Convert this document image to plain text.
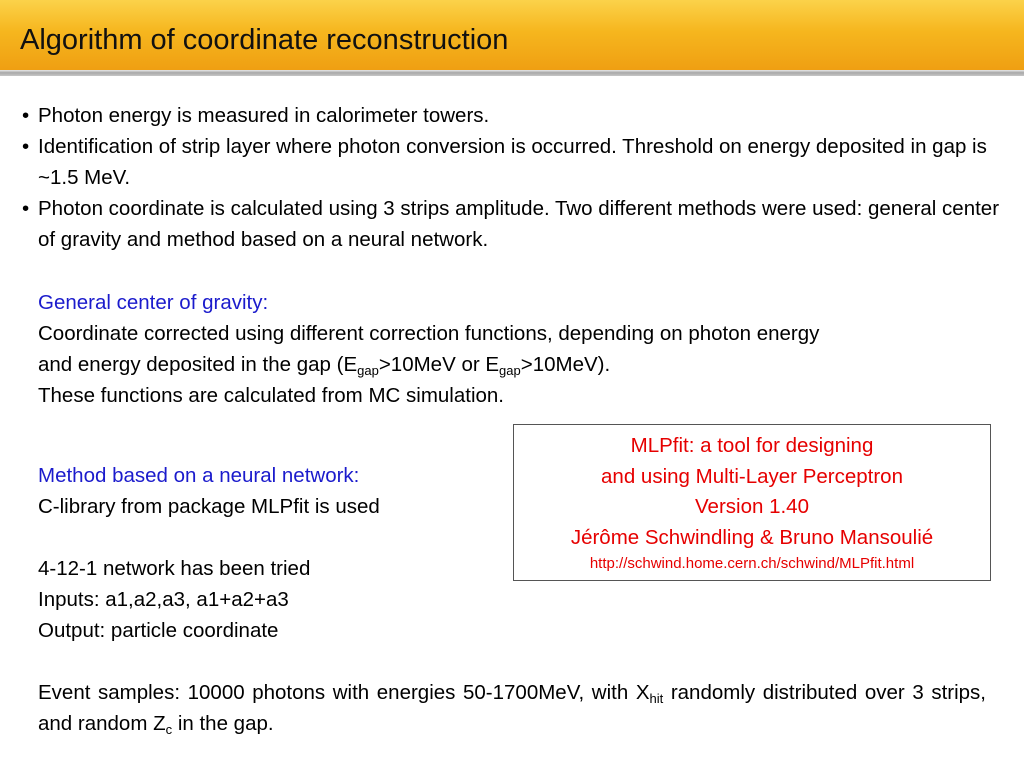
Algorithm of coordinate reconstruction
• Photon energy is measured in calorimeter towers.
• Identification of strip layer where photon conversion is occurred. Threshold on energy deposited in gap is ~1.5 MeV.
• Photon coordinate is calculated using 3 strips amplitude. Two different methods were used: general center of gravity and method based on a neural network.
General center of gravity:
Coordinate corrected using different correction functions, depending on photon energy
and energy deposited in the gap ($E_{gap}>10MeV$ or $E_{gap}>10MeV$).
These functions are calculated from MC simulation.
MLPfit: a tool for designing
and using Multi-Layer Perceptron
Version 1.40
Jérôme Schwindling & Bruno Mansoulié
http://schwind.home.cern.ch/schwind/MLPfit.html
Method based on a neural network:
C-library from package MLPfit is used
4-12-1 network has been tried
Inputs: a1,a2,a3, a1+a2+a3
Output: particle coordinate
Event samples: 10000 photons with energies 50-1700MeV, with $X_{hit}$ randomly distributed over 3 strips, and random $Z_c$ in the gap.
